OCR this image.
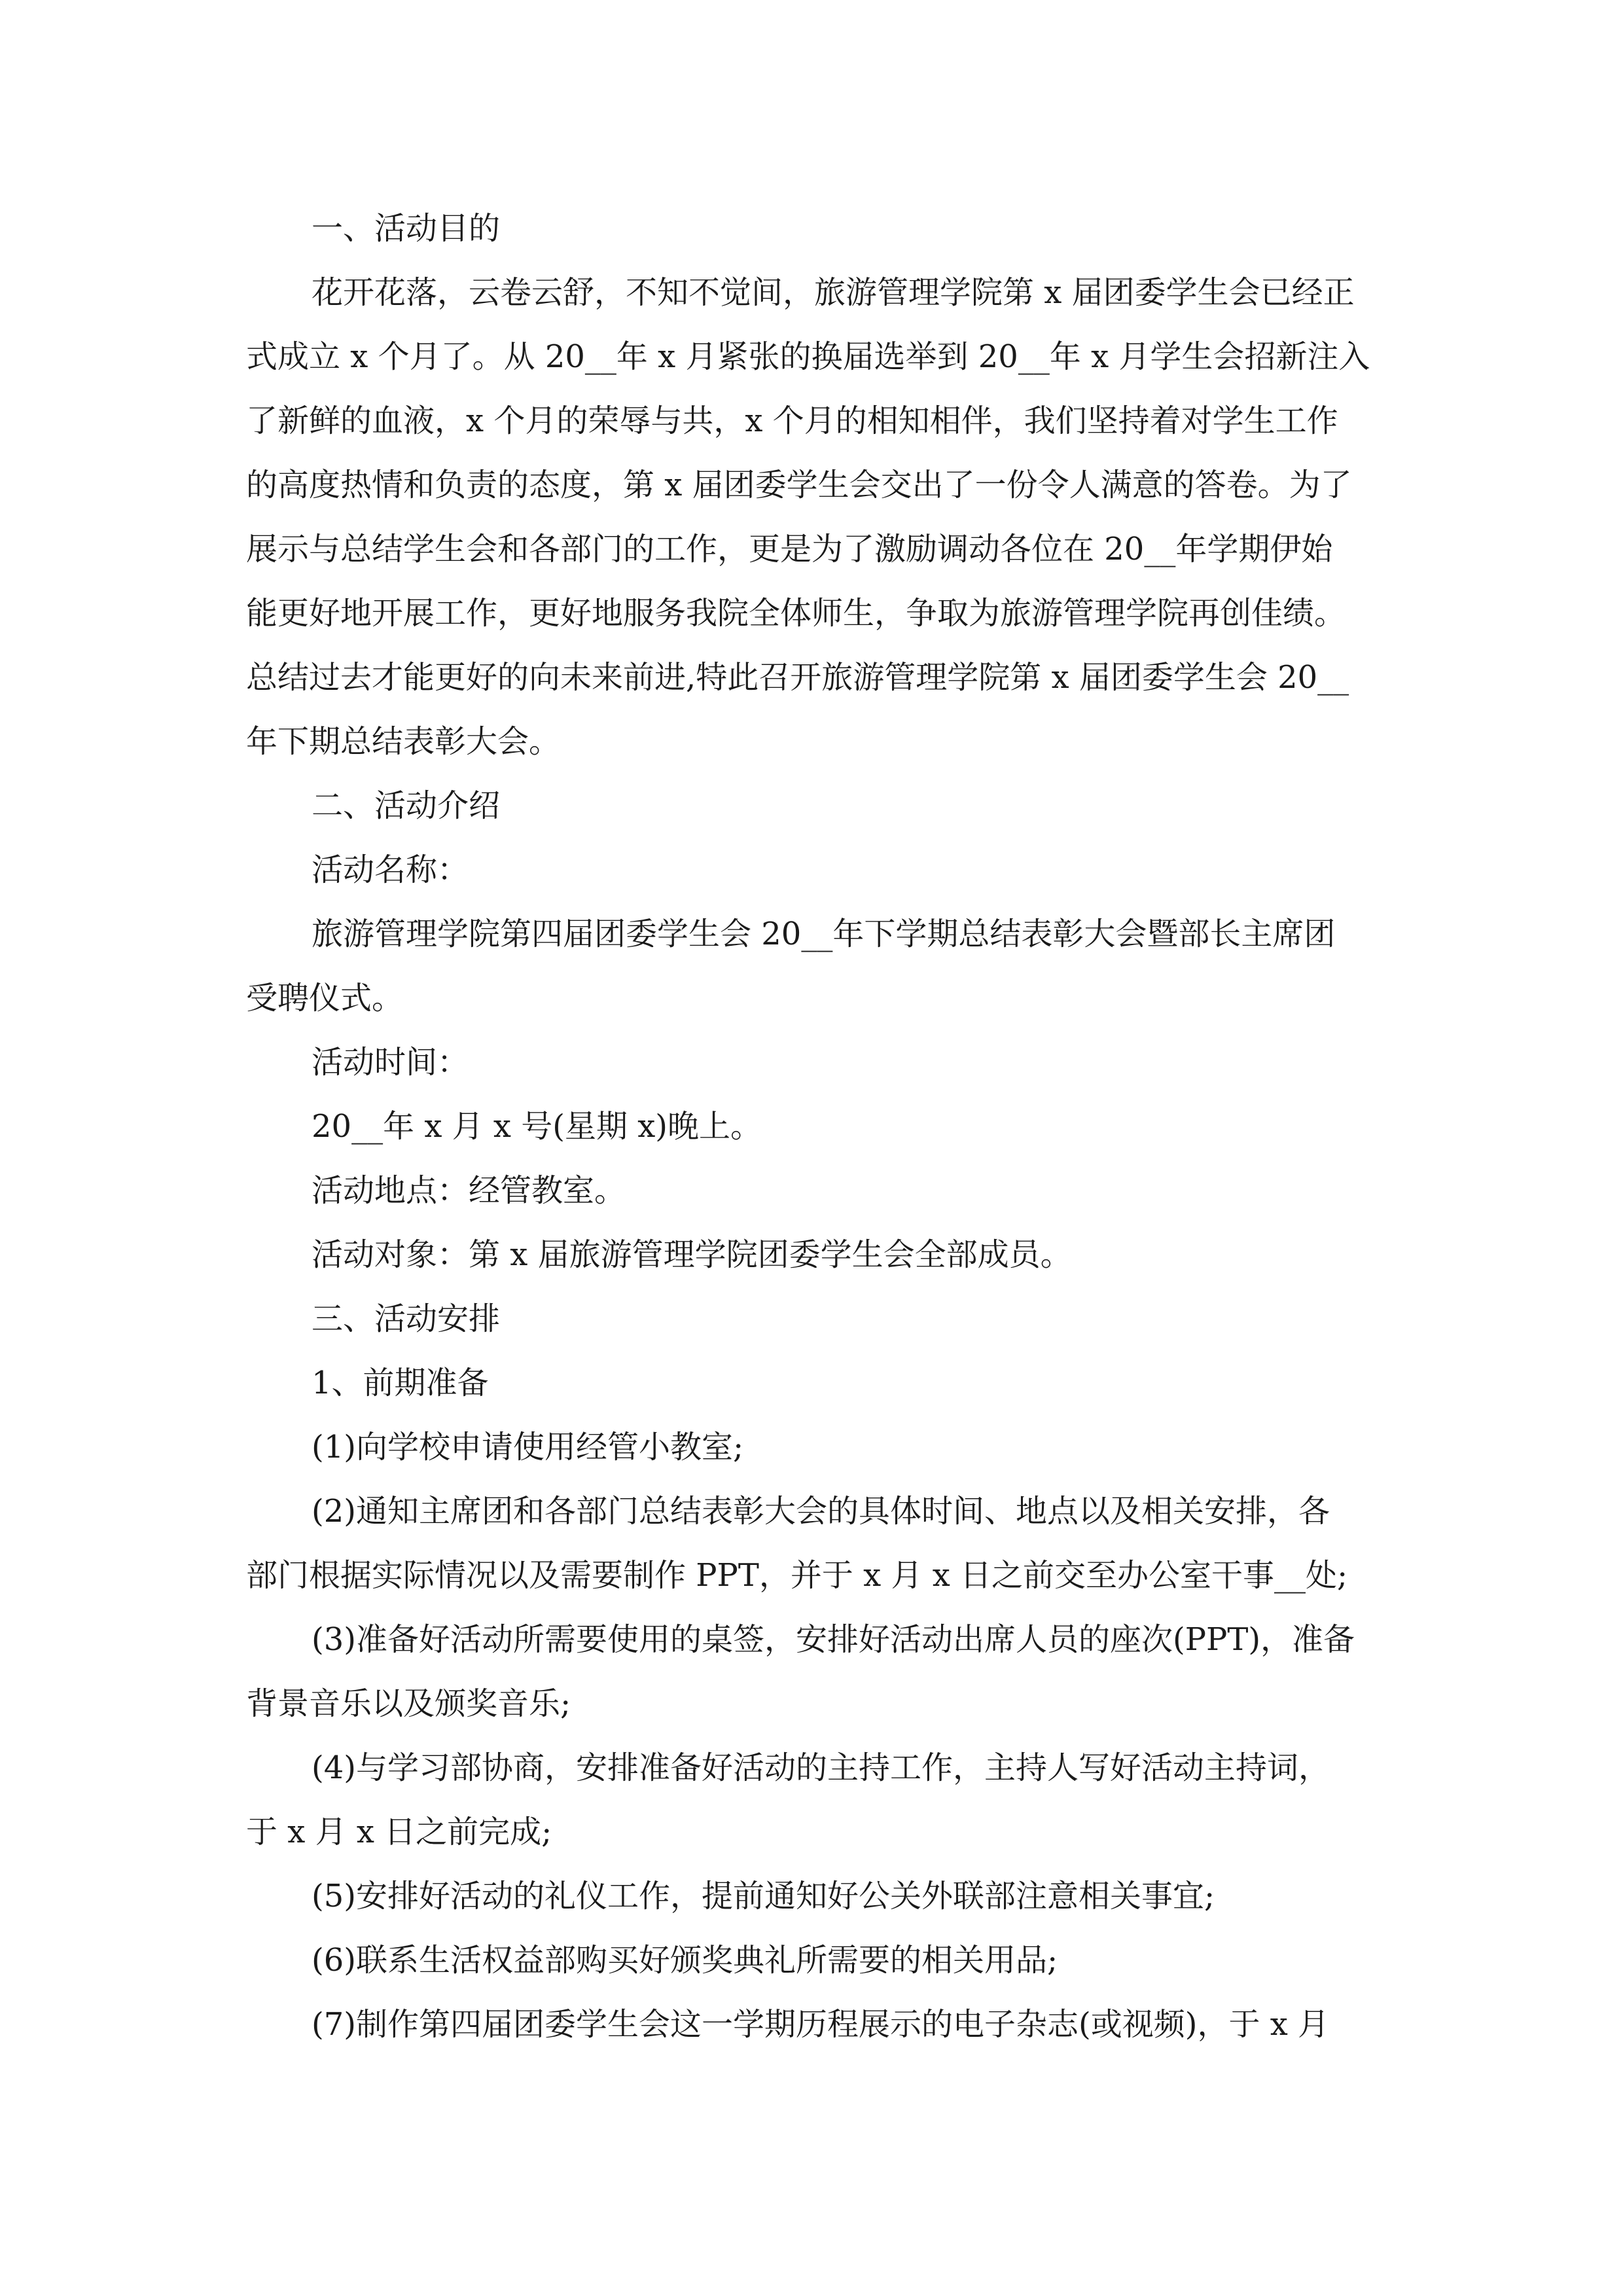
一、活动目的
花开花落，云卷云舒，不知不觉间，旅游管理学院第 x 届团委学生会已经正
式成立 x 个月了。从 20__年 x 月紧张的换届选举到 20__年 x 月学生会招新注入
了新鲜的血液，x 个月的荣辱与共，x 个月的相知相伴，我们坚持着对学生工作
的高度热情和负责的态度，第 x 届团委学生会交出了一份令人满意的答卷。为了
展示与总结学生会和各部门的工作，更是为了激励调动各位在 20__年学期伊始
能更好地开展工作，更好地服务我院全体师生，争取为旅游管理学院再创佳绩。
总结过去才能更好的向未来前进,特此召开旅游管理学院第 x 届团委学生会 20__
年下期总结表彰大会。
二、活动介绍
活动名称：
旅游管理学院第四届团委学生会 20__年下学期总结表彰大会暨部长主席团
受聘仪式。
活动时间：
20__年 x 月 x 号(星期 x)晚上。
活动地点：经管教室。
活动对象：第 x 届旅游管理学院团委学生会全部成员。
三、活动安排
1、前期准备
(1)向学校申请使用经管小教室;
(2)通知主席团和各部门总结表彰大会的具体时间、地点以及相关安排，各
部门根据实际情况以及需要制作 PPT，并于 x 月 x 日之前交至办公室干事__处;
(3)准备好活动所需要使用的桌签，安排好活动出席人员的座次(PPT)，准备
背景音乐以及颁奖音乐;
(4)与学习部协商，安排准备好活动的主持工作，主持人写好活动主持词，
于 x 月 x 日之前完成;
(5)安排好活动的礼仪工作，提前通知好公关外联部注意相关事宜;
(6)联系生活权益部购买好颁奖典礼所需要的相关用品;
(7)制作第四届团委学生会这一学期历程展示的电子杂志(或视频)，于 x 月
